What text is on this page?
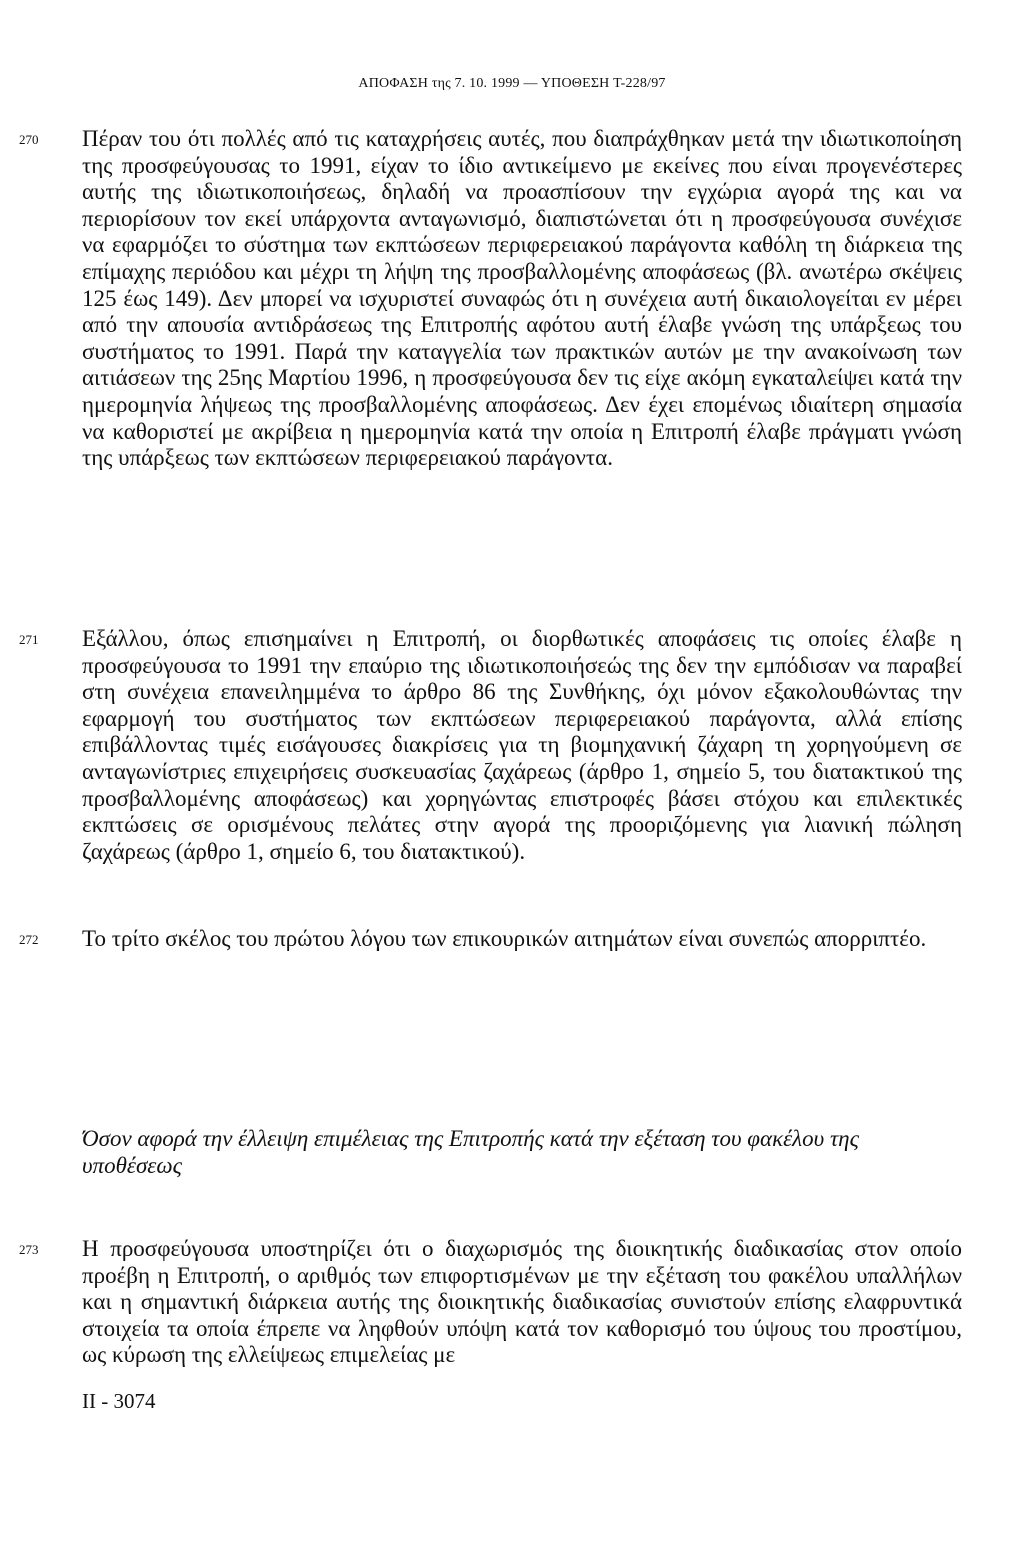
ΑΠΟΦΑΣΗ της 7. 10. 1999 — ΥΠΟΘΕΣΗ T-228/97
270 Πέραν του ότι πολλές από τις καταχρήσεις αυτές, που διαπράχθηκαν μετά την ιδιωτικοποίηση της προσφεύγουσας το 1991, είχαν το ίδιο αντικείμενο με εκείνες που είναι προγενέστερες αυτής της ιδιωτικοποιήσεως, δηλαδή να προασπίσουν την εγχώρια αγορά της και να περιορίσουν τον εκεί υπάρχοντα ανταγωνισμό, διαπιστώνεται ότι η προσφεύγουσα συνέχισε να εφαρμόζει το σύστημα των εκπτώσεων περιφερειακού παράγοντα καθόλη τη διάρκεια της επίμαχης περιόδου και μέχρι τη λήψη της προσβαλλομένης αποφάσεως (βλ. ανωτέρω σκέψεις 125 έως 149). Δεν μπορεί να ισχυριστεί συναφώς ότι η συνέχεια αυτή δικαιολογείται εν μέρει από την απουσία αντιδράσεως της Επιτροπής αφότου αυτή έλαβε γνώση της υπάρξεως του συστήματος το 1991. Παρά την καταγγελία των πρακτικών αυτών με την ανακοίνωση των αιτιάσεων της 25ης Μαρτίου 1996, η προσφεύγουσα δεν τις είχε ακόμη εγκαταλείψει κατά την ημερομηνία λήψεως της προσβαλλομένης αποφάσεως. Δεν έχει επομένως ιδιαίτερη σημασία να καθοριστεί με ακρίβεια η ημερομηνία κατά την οποία η Επιτροπή έλαβε πράγματι γνώση της υπάρξεως των εκπτώσεων περιφερειακού παράγοντα.
271 Εξάλλου, όπως επισημαίνει η Επιτροπή, οι διορθωτικές αποφάσεις τις οποίες έλαβε η προσφεύγουσα το 1991 την επαύριο της ιδιωτικοποιήσεώς της δεν την εμπόδισαν να παραβεί στη συνέχεια επανειλημμένα το άρθρο 86 της Συνθήκης, όχι μόνον εξακολουθώντας την εφαρμογή του συστήματος των εκπτώσεων περιφερειακού παράγοντα, αλλά επίσης επιβάλλοντας τιμές εισάγουσες διακρίσεις για τη βιομηχανική ζάχαρη τη χορηγούμενη σε ανταγωνίστριες επιχειρήσεις συσκευασίας ζαχάρεως (άρθρο 1, σημείο 5, του διατακτικού της προσβαλλομένης αποφάσεως) και χορηγώντας επιστροφές βάσει στόχου και επιλεκτικές εκπτώσεις σε ορισμένους πελάτες στην αγορά της προοριζόμενης για λιανική πώληση ζαχάρεως (άρθρο 1, σημείο 6, του διατακτικού).
272 Το τρίτο σκέλος του πρώτου λόγου των επικουρικών αιτημάτων είναι συνεπώς απορριπτέο.
Όσον αφορά την έλλειψη επιμέλειας της Επιτροπής κατά την εξέταση του φακέλου της υποθέσεως
273 Η προσφεύγουσα υποστηρίζει ότι ο διαχωρισμός της διοικητικής διαδικασίας στον οποίο προέβη η Επιτροπή, ο αριθμός των επιφορτισμένων με την εξέταση του φακέλου υπαλλήλων και η σημαντική διάρκεια αυτής της διοικητικής διαδικασίας συνιστούν επίσης ελαφρυντικά στοιχεία τα οποία έπρεπε να ληφθούν υπόψη κατά τον καθορισμό του ύψους του προστίμου, ως κύρωση της ελλείψεως επιμελείας με
II - 3074
